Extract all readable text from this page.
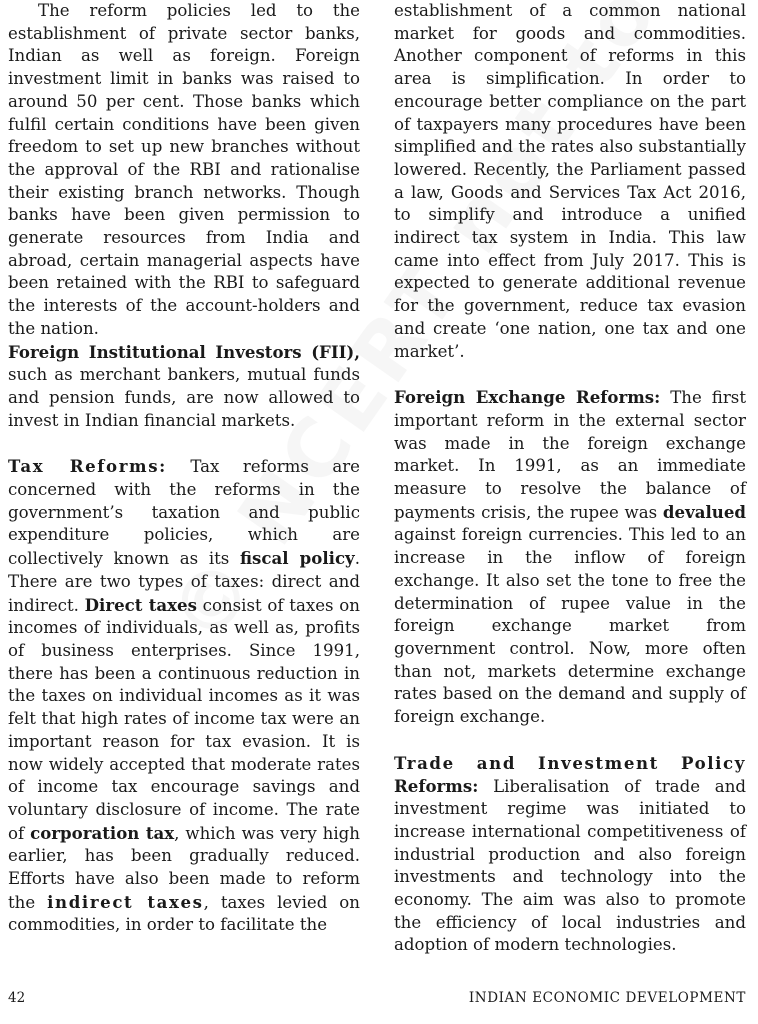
The reform policies led to the establishment of private sector banks, Indian as well as foreign. Foreign investment limit in banks was raised to around 50 per cent. Those banks which fulfil certain conditions have been given freedom to set up new branches without the approval of the RBI and rationalise their existing branch networks. Though banks have been given permission to generate resources from India and abroad, certain managerial aspects have been retained with the RBI to safeguard the interests of the account-holders and the nation.

Foreign Institutional Investors (FII), such as merchant bankers, mutual funds and pension funds, are now allowed to invest in Indian financial markets.

Tax Reforms: Tax reforms are concerned with the reforms in the government’s taxation and public expenditure policies, which are collectively known as its fiscal policy. There are two types of taxes: direct and indirect. Direct taxes consist of taxes on incomes of individuals, as well as, profits of business enterprises. Since 1991, there has been a continuous reduction in the taxes on individual incomes as it was felt that high rates of income tax were an important reason for tax evasion. It is now widely accepted that moderate rates of income tax encourage savings and voluntary disclosure of income. The rate of corporation tax, which was very high earlier, has been gradually reduced. Efforts have also been made to reform the indirect taxes, taxes levied on commodities, in order to facilitate the

establishment of a common national market for goods and commodities. Another component of reforms in this area is simplification. In order to encourage better compliance on the part of taxpayers many procedures have been simplified and the rates also substantially lowered. Recently, the Parliament passed a law, Goods and Services Tax Act 2016, to simplify and introduce a unified indirect tax system in India. This law came into effect from July 2017. This is expected to generate additional revenue for the government, reduce tax evasion and create ‘one nation, one tax and one market’.

Foreign Exchange Reforms: The first important reform in the external sector was made in the foreign exchange market. In 1991, as an immediate measure to resolve the balance of payments crisis, the rupee was devalued against foreign currencies. This led to an increase in the inflow of foreign exchange. It also set the tone to free the determination of rupee value in the foreign exchange market from government control. Now, more often than not, markets determine exchange rates based on the demand and supply of foreign exchange.

Trade and Investment Policy

Reforms: Liberalisation of trade and investment regime was initiated to increase international competitiveness of industrial production and also foreign investments and technology into the economy. The aim was also to promote the efficiency of local industries and adoption of modern technologies.

42	INDIAN ECONOMIC DEVELOPMENT
